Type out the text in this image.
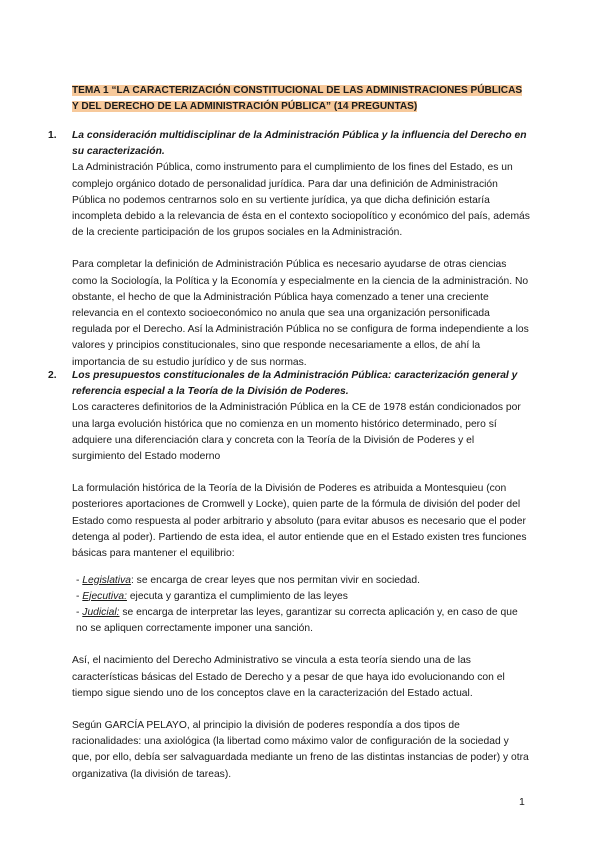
TEMA 1 “LA CARACTERIZACIÓN CONSTITUCIONAL DE LAS ADMINISTRACIONES PÚBLICAS Y DEL DERECHO DE LA ADMINISTRACIÓN PÚBLICA” (14 PREGUNTAS)
1. La consideración multidisciplinar de la Administración Pública y la influencia del Derecho en su caracterización.

La Administración Pública, como instrumento para el cumplimiento de los fines del Estado, es un complejo orgánico dotado de personalidad jurídica. Para dar una definición de Administración Pública no podemos centrarnos solo en su vertiente jurídica, ya que dicha definición estaría incompleta debido a la relevancia de ésta en el contexto sociopolítico y económico del país, además de la creciente participación de los grupos sociales en la Administración.

Para completar la definición de Administración Pública es necesario ayudarse de otras ciencias como la Sociología, la Política y la Economía y especialmente en la ciencia de la administración. No obstante, el hecho de que la Administración Pública haya comenzado a tener una creciente relevancia en el contexto socioeconómico no anula que sea una organización personificada regulada por el Derecho. Así la Administración Pública no se configura de forma independiente a los valores y principios constitucionales, sino que responde necesariamente a ellos, de ahí la importancia de su estudio jurídico y de sus normas.

2. Los presupuestos constitucionales de la Administración Pública: caracterización general y referencia especial a la Teoría de la División de Poderes.

Los caracteres definitorios de la Administración Pública en la CE de 1978 están condicionados por una larga evolución histórica que no comienza en un momento histórico determinado, pero sí adquiere una diferenciación clara y concreta con la Teoría de la División de Poderes y el surgimiento del Estado moderno

La formulación histórica de la Teoría de la División de Poderes es atribuida a Montesquieu (con posteriores aportaciones de Cromwell y Locke), quien parte de la fórmula de división del poder del Estado como respuesta al poder arbitrario y absoluto (para evitar abusos es necesario que el poder detenga al poder). Partiendo de esta idea, el autor entiende que en el Estado existen tres funciones básicas para mantener el equilibrio:

- Legislativa: se encarga de crear leyes que nos permitan vivir en sociedad.
- Ejecutiva: ejecuta y garantiza el cumplimiento de las leyes
- Judicial: se encarga de interpretar las leyes, garantizar su correcta aplicación y, en caso de que no se apliquen correctamente imponer una sanción.

Así, el nacimiento del Derecho Administrativo se vincula a esta teoría siendo una de las características básicas del Estado de Derecho y a pesar de que haya ido evolucionando con el tiempo sigue siendo uno de los conceptos clave en la caracterización del Estado actual.

Según GARCÍA PELAYO, al principio la división de poderes respondía a dos tipos de racionalidades: una axiológica (la libertad como máximo valor de configuración de la sociedad y que, por ello, debía ser salvaguardada mediante un freno de las distintas instancias de poder) y otra organizativa (la división de tareas).

1
